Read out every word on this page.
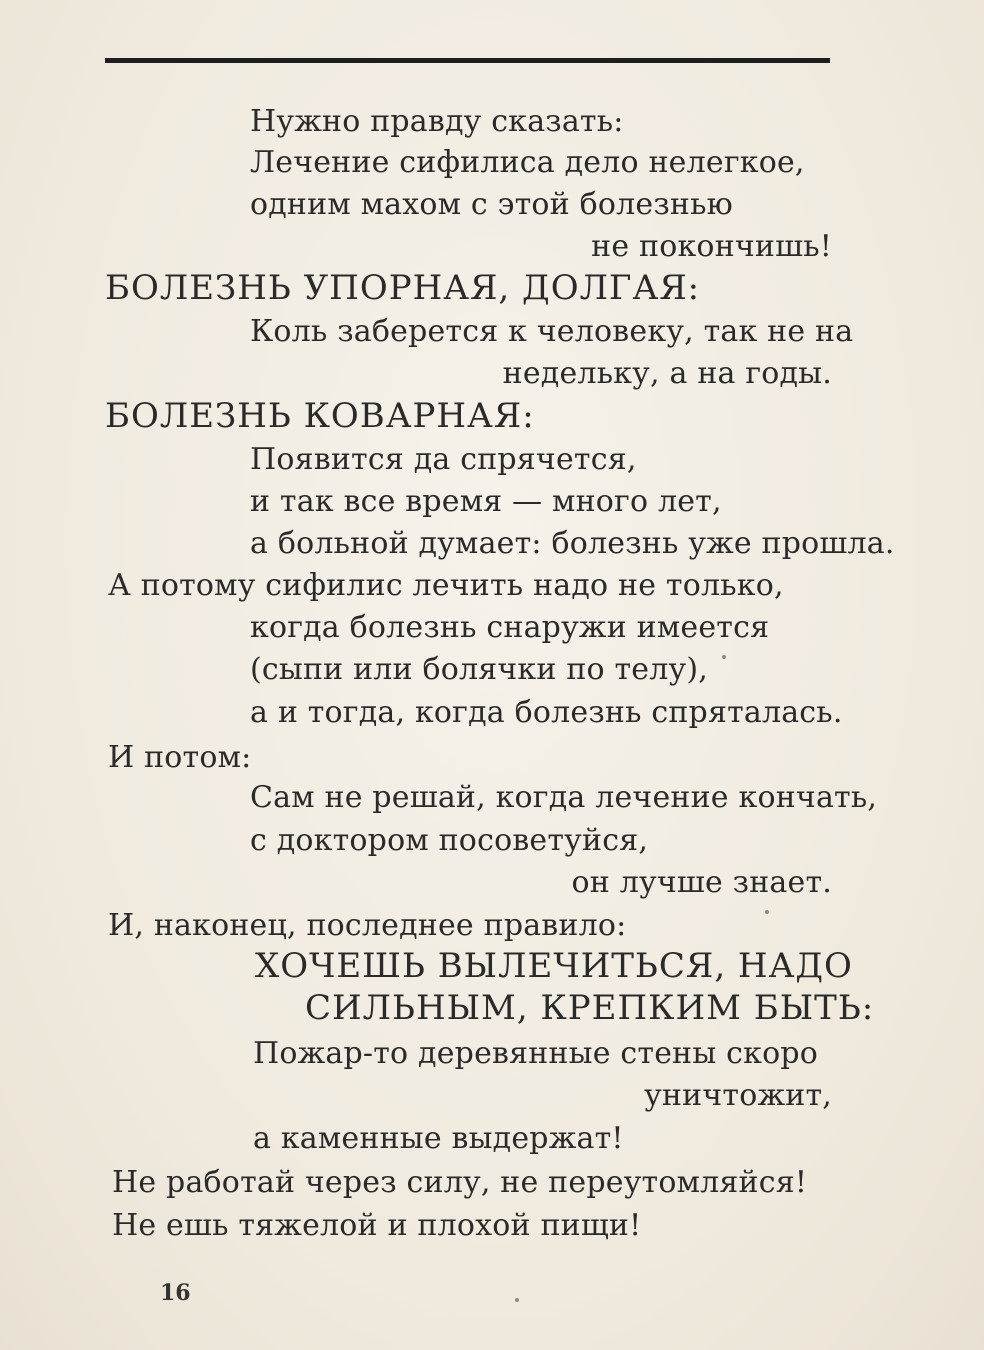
Нужно правду сказать:
Лечение сифилиса дело нелегкое,
одним махом с этой болезнью
не покончишь!
БОЛЕЗНЬ УПОРНАЯ, ДОЛГАЯ:
Коль заберется к человеку, так не на
недельку, а на годы.
БОЛЕЗНЬ КОВАРНАЯ:
Появится да спрячется,
и так все время — много лет,
а больной думает: болезнь уже прошла.
А потому сифилис лечить надо не только,
когда болезнь снаружи имеется
(сыпи или болячки по телу),
а и тогда, когда болезнь спряталась.
И потом:
Сам не решай, когда лечение кончать,
с доктором посоветуйся,
он лучше знает.
И, наконец, последнее правило:
ХОЧЕШЬ ВЫЛЕЧИТЬСЯ, НАДО
СИЛЬНЫМ, КРЕПКИМ БЫТЬ:
Пожар-то деревянные стены скоро
уничтожит,
а каменные выдержат!
Не работай через силу, не переутомляйся!
Не ешь тяжелой и плохой пищи!
16
